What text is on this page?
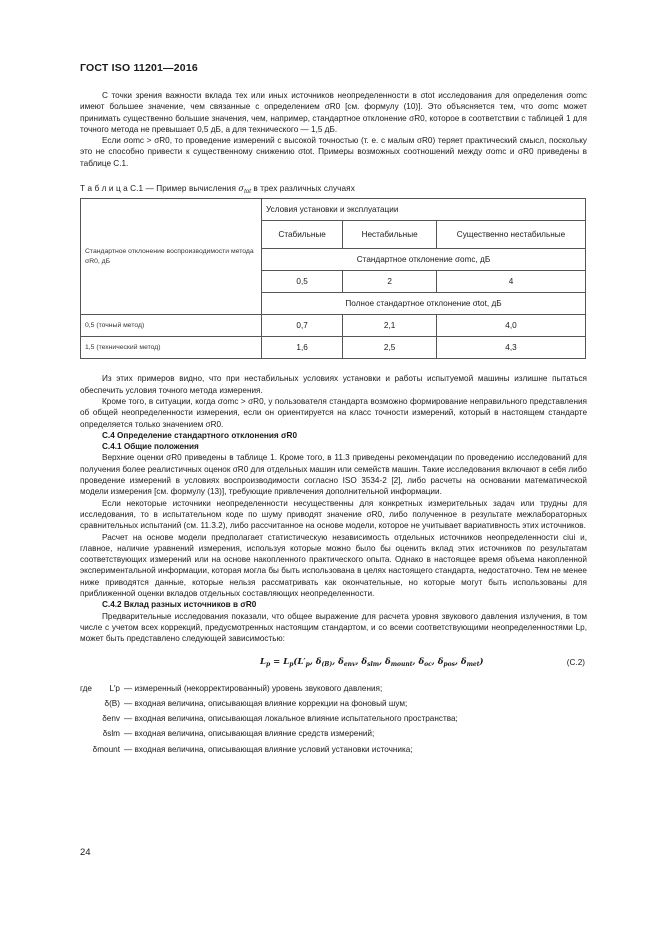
ГОСТ ISO 11201—2016

С точки зрения важности вклада тех или иных источников неопределенности в σtot исследования для определения σomc имеют большее значение, чем связанные с определением σR0 [см. формулу (10)]. Это объясняется тем, что σomc может принимать существенно большие значения, чем, например, стандартное отклонение σR0, которое в соответствии с таблицей 1 для точного метода не превышает 0,5 дБ, а для технического — 1,5 дБ.

Если σomc > σR0, то проведение измерений с высокой точностью (т. е. с малым σR0) теряет практический смысл, поскольку это не способно привести к существенному снижению σtot. Примеры возможных соотношений между σomc и σR0 приведены в таблице С.1.

Т а б л и ц а С.1 — Пример вычисления $\sigma_{tot}$ в трех различных случаях
Стандартное отклонение воспроизводимости метода σR0, дБ	Условия установки и эксплуатации		
	Стабильные	Нестабильные	Существенно нестабильные
	Стандартное отклонение σomc, дБ		
	0,5	2	4
	Полное стандартное отклонение σtot, дБ		
0,5 (точный метод)	0,7	2,1	4,0
1,5 (технический метод)	1,6	2,5	4,3

Из этих примеров видно, что при нестабильных условиях установки и работы испытуемой машины излишне пытаться обеспечить условия точного метода измерения.

Кроме того, в ситуации, когда σomc > σR0, у пользователя стандарта возможно формирование неправильного представления об общей неопределенности измерения, если он ориентируется на класс точности измерений, который в настоящем стандарте определяется только значением σR0.

С.4 Определение стандартного отклонения σR0

С.4.1 Общие положения

Верхние оценки σR0 приведены в таблице 1. Кроме того, в 11.3 приведены рекомендации по проведению исследований для получения более реалистичных оценок σR0 для отдельных машин или семейств машин. Такие исследования включают в себя либо проведение измерений в условиях воспроизводимости согласно ISO 3534-2 [2], либо расчеты на основании математической модели измерения [см. формулу (13)], требующие привлечения дополнительной информации.

Если некоторые источники неопределенности несущественны для конкретных измерительных задач или трудны для исследования, то в испытательном коде по шуму приводят значение σR0, либо полученное в результате межлабораторных сравнительных испытаний (см. 11.3.2), либо рассчитанное на основе модели, которое не учитывает вариативность этих источников.

Расчет на основе модели предполагает статистическую независимость отдельных источников неопределенности ciui и, главное, наличие уравнений измерения, используя которые можно было бы оценить вклад этих источников по результатам соответствующих измерений или на основе накопленного практического опыта. Однако в настоящее время объема накопленной экспериментальной информации, которая могла бы быть использована в целях настоящего стандарта, недостаточно. Тем не менее ниже приводятся данные, которые нельзя рассматривать как окончательные, но которые могут быть использованы для приближенной оценки вкладов отдельных составляющих неопределенности.

С.4.2 Вклад разных источников в σR0

Предварительные исследования показали, что общее выражение для расчета уровня звукового давления излучения, в том числе с учетом всех коррекций, предусмотренных настоящим стандартом, и со всеми соответствующими неопределенностями Lp, может быть представлено следующей зависимостью:

$L_p = L_p(L'_p$, $\delta_{(B)}$, $\delta_{env}$, $\delta_{slm}$, $\delta_{mount}$, $\delta_{oc}$, $\delta_{pos}$, $\delta_{met}$)	(С.2)
где	L′p — измеренный (некорректированный) уровень звукового давления;
δ(B) — входная величина, описывающая влияние коррекции на фоновый шум;
δenv — входная величина, описывающая локальное влияние испытательного пространства;
δslm — входная величина, описывающая влияние средств измерений;
δmount — входная величина, описывающая влияние условий установки источника;
24
